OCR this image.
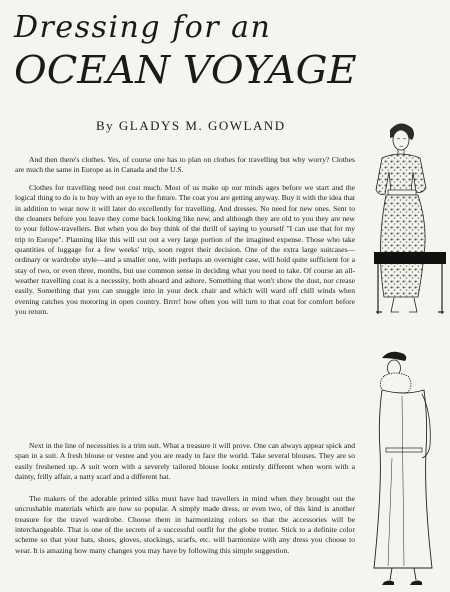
Dressing for an
OCEAN VOYAGE
By GLADYS M. GOWLAND

And then there's clothes. Yes, of course one has to plan on clothes for travelling but why worry? Clothes are much the same in Europe as in Canada and the U.S.

Clothes for travelling need not cost much. Most of us make up our minds ages before we start and the logical thing to do is to buy with an eye to the future. The coat you are getting anyway. Buy it with the idea that in addition to wear now it will later do excellently for travelling. And dresses. No need for new ones. Sent to the cleaners before you leave they come back looking like new, and although they are old to you they are new to your fellow-travellers. But when you do buy think of the thrill of saying to yourself "I can use that for my trip to Europe". Planning like this will cut out a very large portion of the imagined expense. Those who take quantities of luggage for a few weeks' trip, soon regret their decision. One of the extra large suitcases—ordinary or wardrobe style—and a smaller one, with perhaps an overnight case, will hold quite sufficient for a stay of two, or even three, months, but use common sense in deciding what you need to take. Of course an all-weather travelling coat is a necessity, both aboard and ashore. Something that won't show the dust, nor crease easily. Something that you can snuggle into in your deck chair and which will ward off chill winds when evening catches you motoring in open country. Brrrr! how often you will turn to that coat for comfort before you return.

Next in the line of necessities is a trim suit. What a treasure it will prove. One can always appear spick and span in a suit. A fresh blouse or vestee and you are ready to face the world. Take several blouses. They are so easily freshened up. A suit worn with a severely tailored blouse looks entirely different when worn with a dainty, frilly affair, a natty scarf and a different hat.

The makers of the adorable printed silks must have had travellers in mind when they brought out the uncrushable materials which are now so popular. A simply made dress, or even two, of this kind is another treasure for the travel wardrobe. Choose them in harmonizing colors so that the accessories will be interchangeable. That is one of the secrets of a successful outfit for the globe trotter. Stick to a definite color scheme so that your hats, shoes, gloves, stockings, scarfs, etc. will harmonize with any dress you choose to wear. It is amazing how many changes you may have by following this simple suggestion.
